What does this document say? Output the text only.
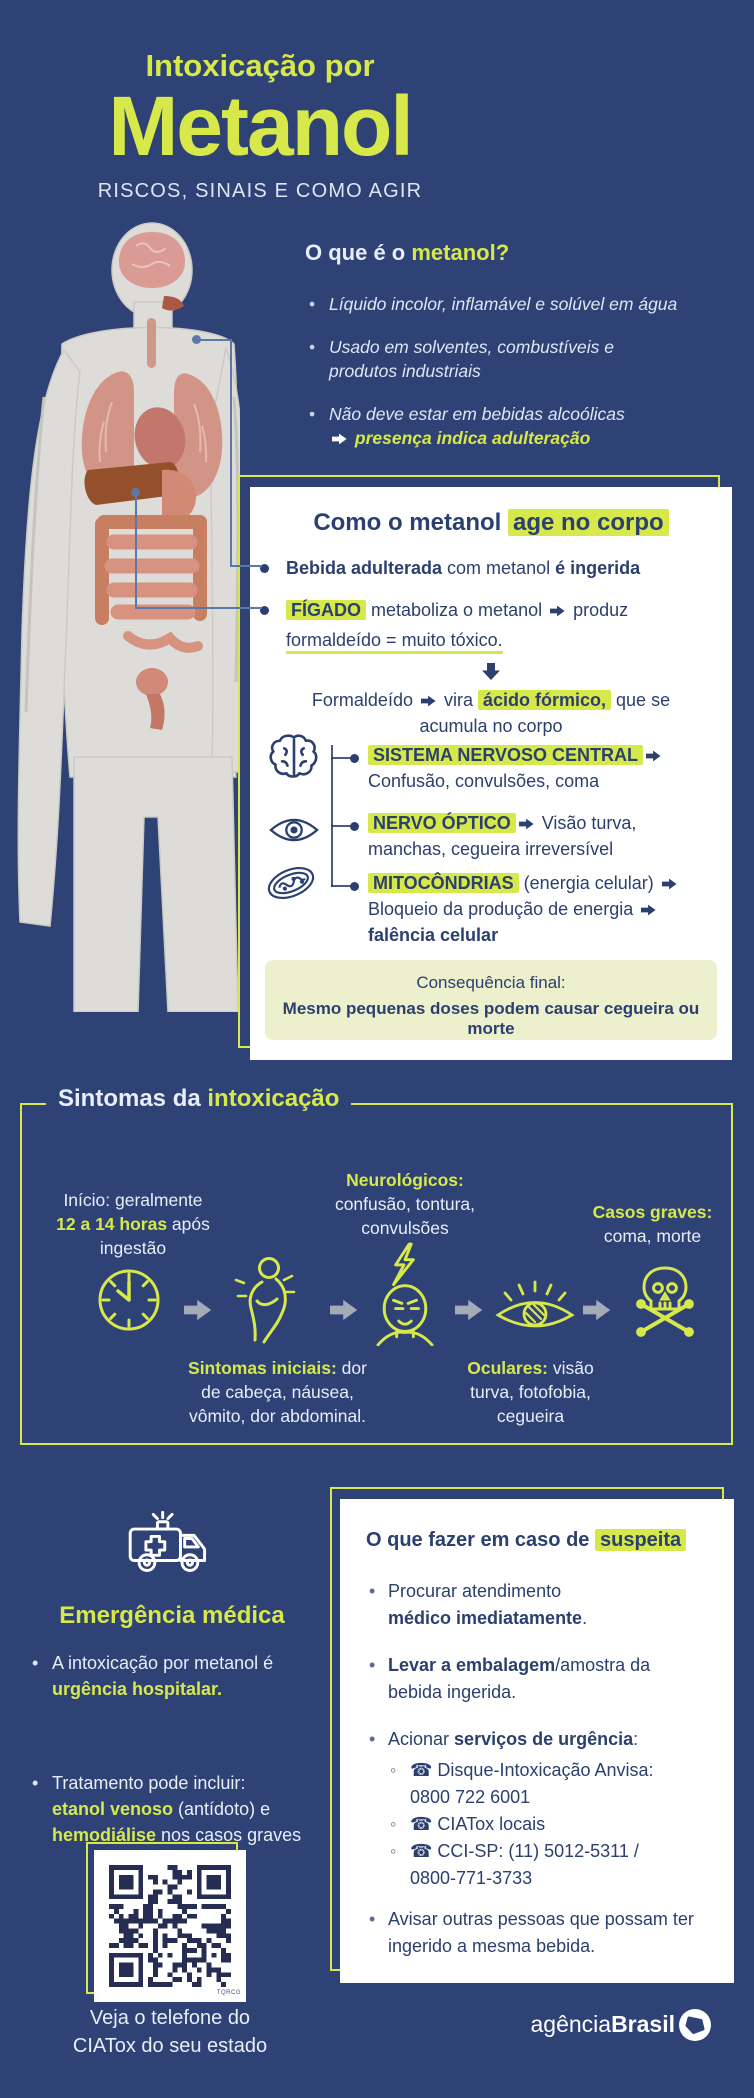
Intoxicação por
Metanol
RISCOS, SINAIS E COMO AGIR
O que é o metanol?
• Líquido incolor, inflamável e solúvel em água
• Usado em solventes, combustíveis e
produtos industriais
• Não deve estar em bebidas alcoólicas
presença indica adulteração
Como o metanol age no corpo
Bebida adulterada com metanol é ingerida
FÍGADO metaboliza o metanol  produz
formaldeído = muito tóxico.
Formaldeído  vira ácido fórmico, que se
acumula no corpo
SISTEMA NERVOSO CENTRAL
Confusão, convulsões, coma
NERVO ÓPTICO Visão turva,
manchas, cegueira irreversível
MITOCÔNDRIAS (energia celular)
Bloqueio da produção de energia
falência celular
Consequência final:
Mesmo pequenas doses podem causar cegueira ou morte
Sintomas da intoxicação
Início: geralmente
12 a 14 horas após
ingestão
Neurológicos:
confusão, tontura,
convulsões
Casos graves:
coma, morte
Sintomas iniciais: dor
de cabeça, náusea,
vômito, dor abdominal.
Oculares: visão
turva, fotofobia,
cegueira
Emergência médica
• A intoxicação por metanol é
urgência hospitalar.
• Tratamento pode incluir:
etanol venoso (antídoto) e
hemodiálise nos casos graves
TQRCG
Veja o telefone do
CIATox do seu estado
O que fazer em caso de suspeita
• Procurar atendimento
médico imediatamente.
• Levar a embalagem/amostra da
bebida ingerida.
• Acionar serviços de urgência:
◦ ☎ Disque-Intoxicação Anvisa:
0800 722 6001
◦ ☎ CIATox locais
◦ ☎ CCI-SP: (11) 5012-5311 /
0800-771-3733
• Avisar outras pessoas que possam ter
ingerido a mesma bebida.
agênciaBrasil
